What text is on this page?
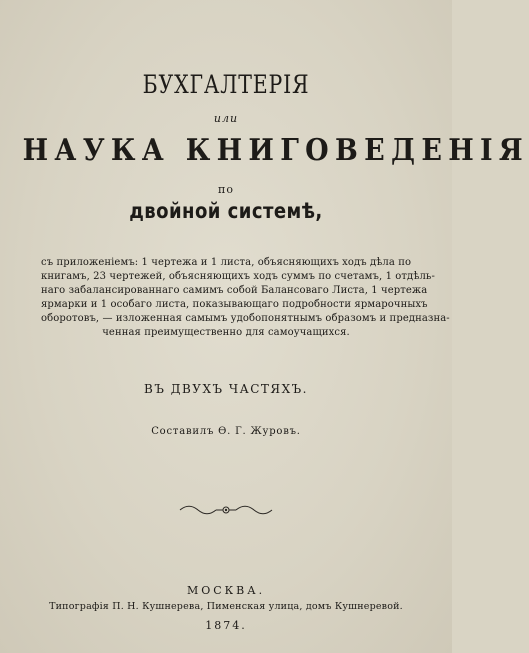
БУХГАЛТЕРIЯ
или
НАУКА КНИГОВЕДЕНIЯ
по
двойной системѣ,
съ приложенiемъ: 1 чертежа и 1 листа, объясняющихъ ходъ дѣла по
книгамъ, 23 чертежей, объясняющихъ ходъ суммъ по счетамъ, 1 отдѣль-
наго забалансированнаго самимъ собой Балансоваго Листа, 1 чертежа
ярмарки и 1 особаго листа, показывающаго подробности ярмарочныхъ
оборотовъ, — изложенная самымъ удобопонятнымъ образомъ и предназна-
ченная преимущественно для самоучащихся.
ВЪ ДВУХЪ ЧАСТЯХЪ.
Составилъ Ѳ. Г. Журовъ.
МОСКВА.
Типографiя П. Н. Кушнерева, Пименская улица, домъ Кушнеревой.
1874.
